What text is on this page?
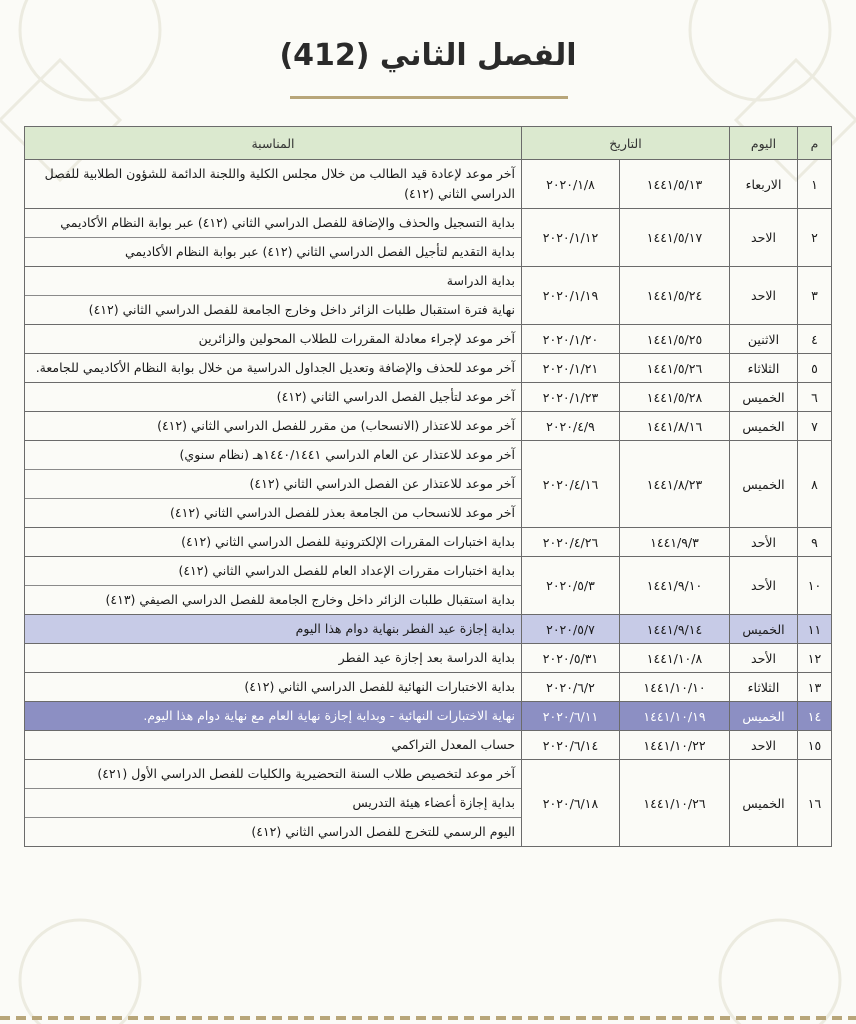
الفصل الثاني (412)
م	اليوم	التاريخ		المناسبة
١	الاربعاء	١٤٤١/٥/١٣	٢٠٢٠/١/٨	آخر موعد لإعادة قيد الطالب من خلال مجلس الكلية واللجنة الدائمة للشؤون الطلابية للفصل الدراسي الثاني (٤١٢)

٢	الاحد	١٤٤١/٥/١٧	٢٠٢٠/١/١٢	بداية التسجيل والحذف والإضافة للفصل الدراسي الثاني (٤١٢) عبر بوابة النظام الأكاديمي
بداية التقديم لتأجيل الفصل الدراسي الثاني (٤١٢) عبر بوابة النظام الأكاديمي

٣	الاحد	١٤٤١/٥/٢٤	٢٠٢٠/١/١٩	بداية الدراسة
نهاية فترة استقبال طلبات الزائر داخل وخارج الجامعة للفصل الدراسي الثاني (٤١٢)

٤	الاثنين	١٤٤١/٥/٢٥	٢٠٢٠/١/٢٠	آخر موعد لإجراء معادلة المقررات للطلاب المحولين والزائرين

٥	الثلاثاء	١٤٤١/٥/٢٦	٢٠٢٠/١/٢١	آخر موعد للحذف والإضافة وتعديل الجداول الدراسية من خلال بوابة النظام الأكاديمي للجامعة.

٦	الخميس	١٤٤١/٥/٢٨	٢٠٢٠/١/٢٣	آخر موعد لتأجيل الفصل الدراسي الثاني (٤١٢)

٧	الخميس	١٤٤١/٨/١٦	٢٠٢٠/٤/٩	آخر موعد للاعتذار (الانسحاب) من مقرر للفصل الدراسي الثاني (٤١٢)

٨	الخميس	١٤٤١/٨/٢٣	٢٠٢٠/٤/١٦	آخر موعد للاعتذار عن العام الدراسي ١٤٤٠/١٤٤١هـ (نظام سنوي)
آخر موعد للاعتذار عن الفصل الدراسي الثاني (٤١٢)
آخر موعد للانسحاب من الجامعة بعذر للفصل الدراسي الثاني (٤١٢)

٩	الأحد	١٤٤١/٩/٣	٢٠٢٠/٤/٢٦	بداية اختبارات المقررات الإلكترونية للفصل الدراسي الثاني (٤١٢)

١٠	الأحد	١٤٤١/٩/١٠	٢٠٢٠/٥/٣	بداية اختبارات مقررات الإعداد العام للفصل الدراسي الثاني (٤١٢)
بداية استقبال طلبات الزائر داخل وخارج الجامعة للفصل الدراسي الصيفي (٤١٣)

١١	الخميس	١٤٤١/٩/١٤	٢٠٢٠/٥/٧	بداية إجازة عيد الفطر بنهاية دوام هذا اليوم

١٢	الأحد	١٤٤١/١٠/٨	٢٠٢٠/٥/٣١	بداية الدراسة بعد إجازة عيد الفطر

١٣	الثلاثاء	١٤٤١/١٠/١٠	٢٠٢٠/٦/٢	بداية الاختبارات النهائية للفصل الدراسي الثاني (٤١٢)

١٤	الخميس	١٤٤١/١٠/١٩	٢٠٢٠/٦/١١	نهاية الاختبارات النهائية - وبداية إجازة نهاية العام مع نهاية دوام هذا اليوم.

١٥	الاحد	١٤٤١/١٠/٢٢	٢٠٢٠/٦/١٤	حساب المعدل التراكمي

١٦	الخميس	١٤٤١/١٠/٢٦	٢٠٢٠/٦/١٨	آخر موعد لتخصيص طلاب السنة التحضيرية والكليات للفصل الدراسي الأول (٤٢١)
بداية إجازة أعضاء هيئة التدريس
اليوم الرسمي للتخرج للفصل الدراسي الثاني (٤١٢)
